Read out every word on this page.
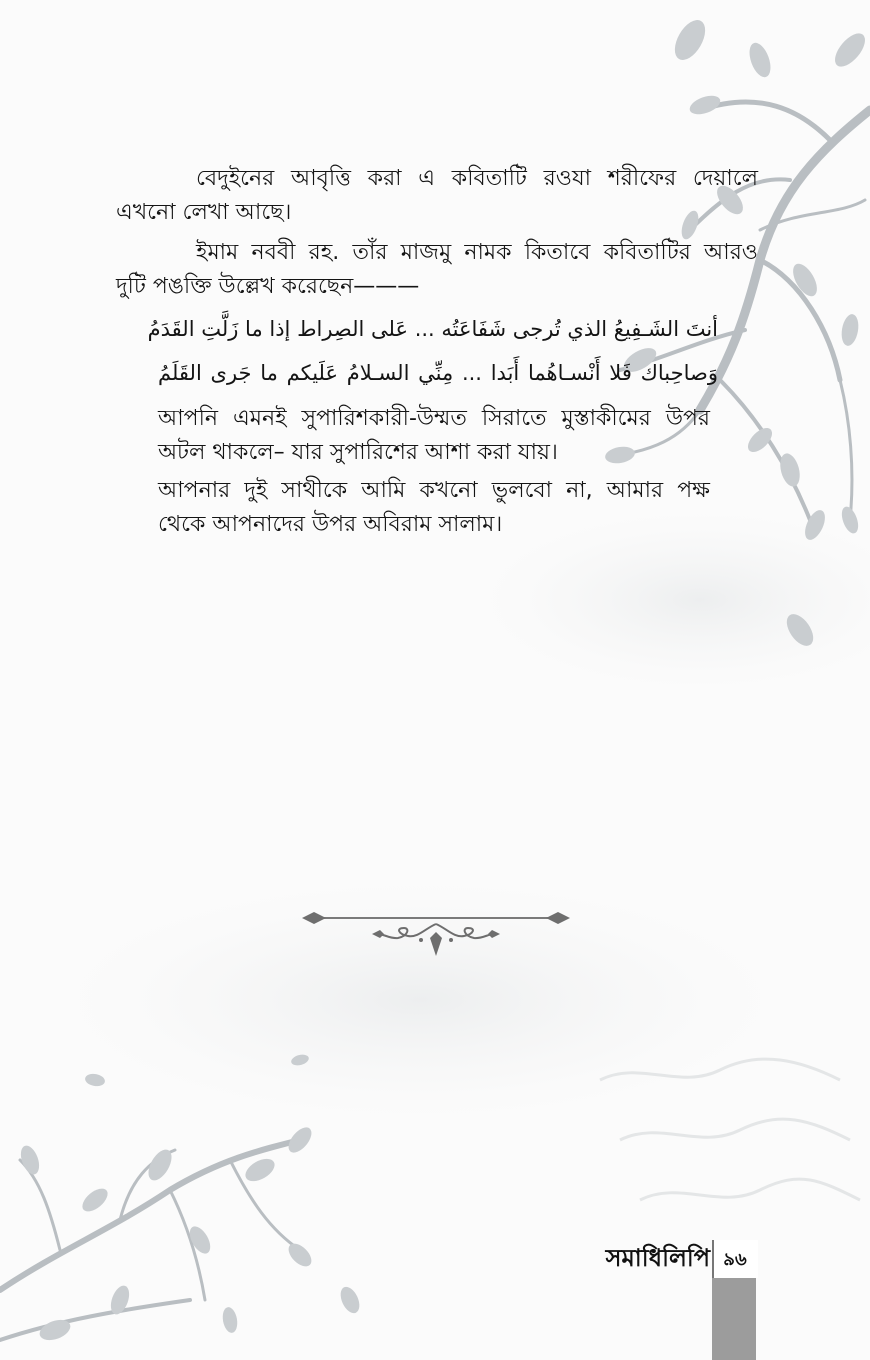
বেদুইনের আবৃত্তি করা এ কবিতাটি রওযা শরীফের দেয়ালে
এখনো লেখা আছে।
ইমাম নববী রহ. তাঁর মাজমু নামক কিতাবে কবিতাটির আরও
দুটি পঙক্তি উল্লেখ করেছেন———
أنتَ الشَـفِيعُ الذي تُرجى شَفَاعَتُه ... عَلى الصِراط إذا ما زَلَّتِ القَدَمُ
وَصاحِباك فَلا أَنْسـاهُما أَبَدا ... مِنِّي السـلامُ عَلَيكم ما جَرى القَلَمُ
আপনি এমনই সুপারিশকারী-উম্মত সিরাতে মুস্তাকীমের উপর
অটল থাকলে– যার সুপারিশের আশা করা যায়।
আপনার দুই সাথীকে আমি কখনো ভুলবো না, আমার পক্ষ
থেকে আপনাদের উপর অবিরাম সালাম।
৯৬
সমাধিলিপি
